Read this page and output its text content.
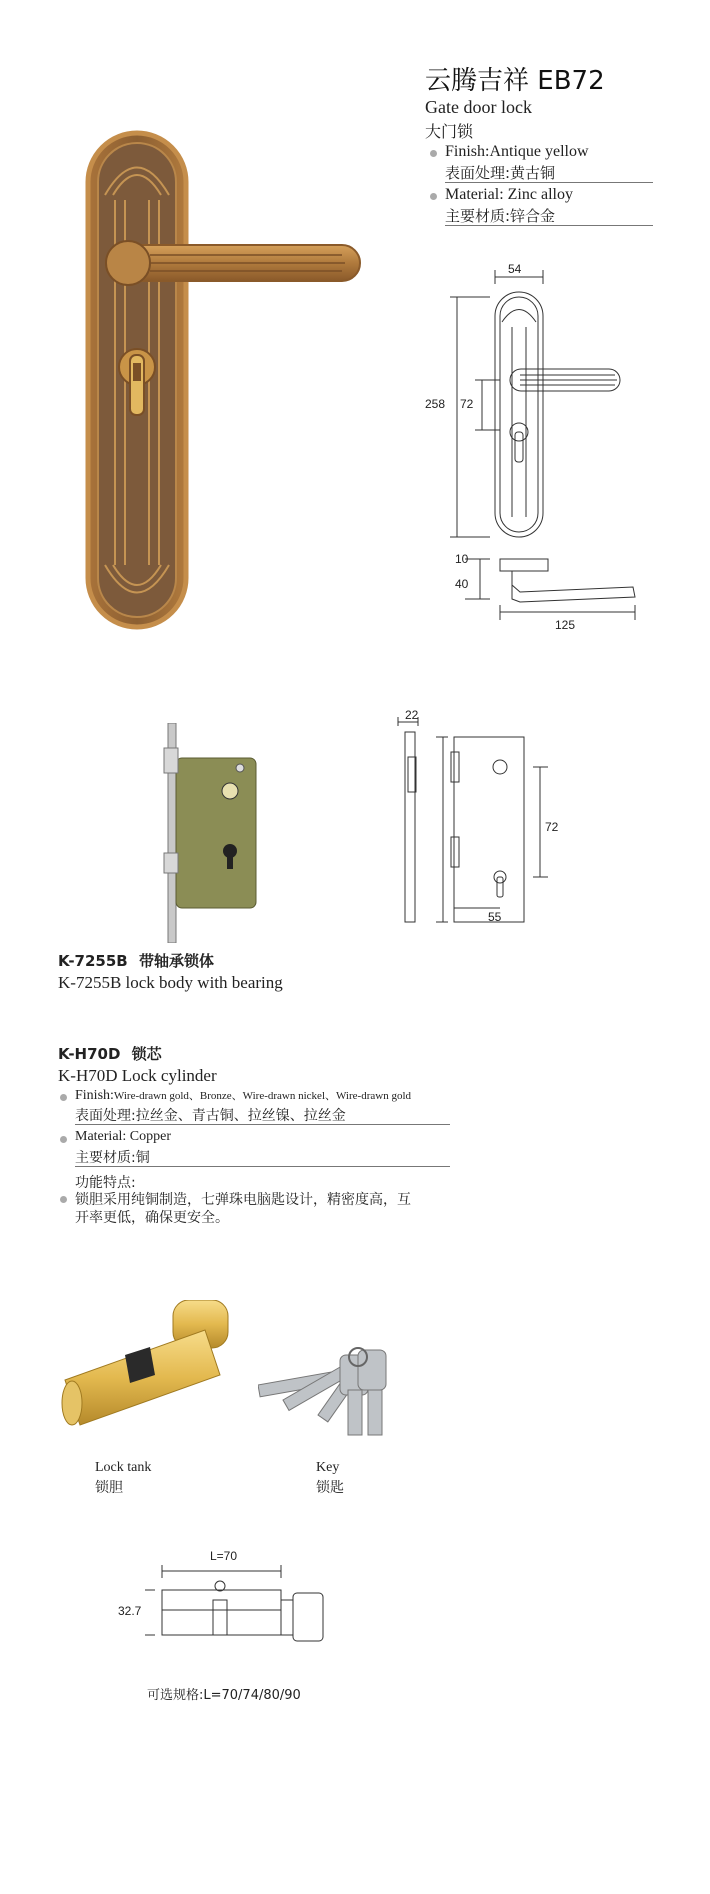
云腾吉祥 EB72
Gate door lock
大门锁
Finish:Antique yellow
表面处理:黄古铜
Material: Zinc alloy
主要材质:锌合金
54
258 72
10
40
125
22
72
55
K-7255B 带轴承锁体
K-7255B lock body with bearing
K-H70D 锁芯
K-H70D Lock cylinder
Finish:Wire-drawn gold、Bronze、Wire-drawn nickel、Wire-drawn gold
表面处理:拉丝金、青古铜、拉丝镍、拉丝金
Material: Copper
主要材质:铜
功能特点:
锁胆采用纯铜制造，七弹珠电脑匙设计，精密度高，互
开率更低，确保更安全。
Lock tank
锁胆
Key
锁匙
L=70
32.7
可选规格:L=70/74/80/90
